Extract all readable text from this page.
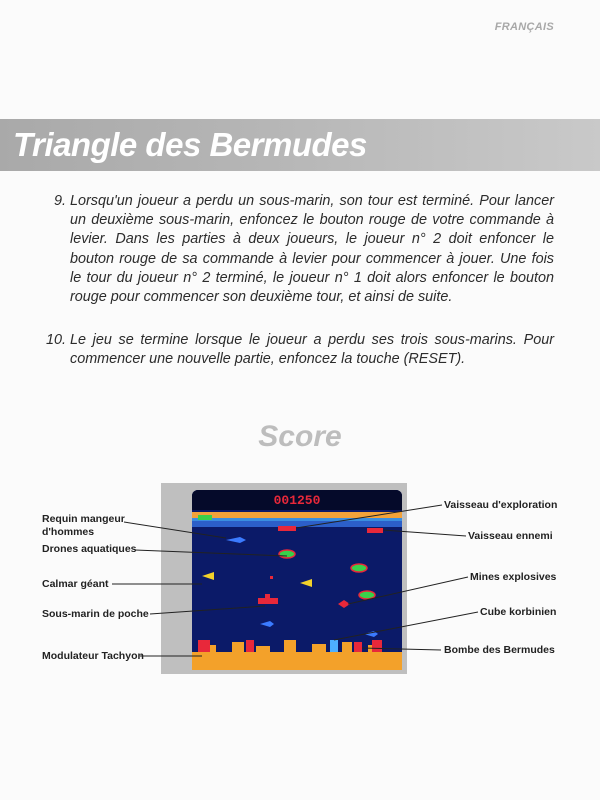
FRANÇAIS
Triangle des Bermudes
9. Lorsqu'un joueur a perdu un sous-marin, son tour est terminé. Pour lancer un deuxième sous-marin, enfoncez le bouton rouge de votre commande à levier. Dans les parties à deux joueurs, le joueur n° 2 doit enfoncer le bouton rouge de sa commande à levier pour commencer à jouer. Une fois le tour du joueur n° 2 terminé, le joueur n° 1 doit alors enfoncer le bouton rouge pour commencer son deuxième tour, et ainsi de suite.
10. Le jeu se termine lorsque le joueur a perdu ses trois sous-marins. Pour commencer une nouvelle partie, enfoncez la touche (RESET).
Score
001250
Requin mangeur
d'hommes
Drones aquatiques
Calmar géant
Sous-marin de poche
Modulateur Tachyon
Vaisseau d'exploration
Vaisseau ennemi
Mines explosives
Cube korbinien
Bombe des Bermudes
